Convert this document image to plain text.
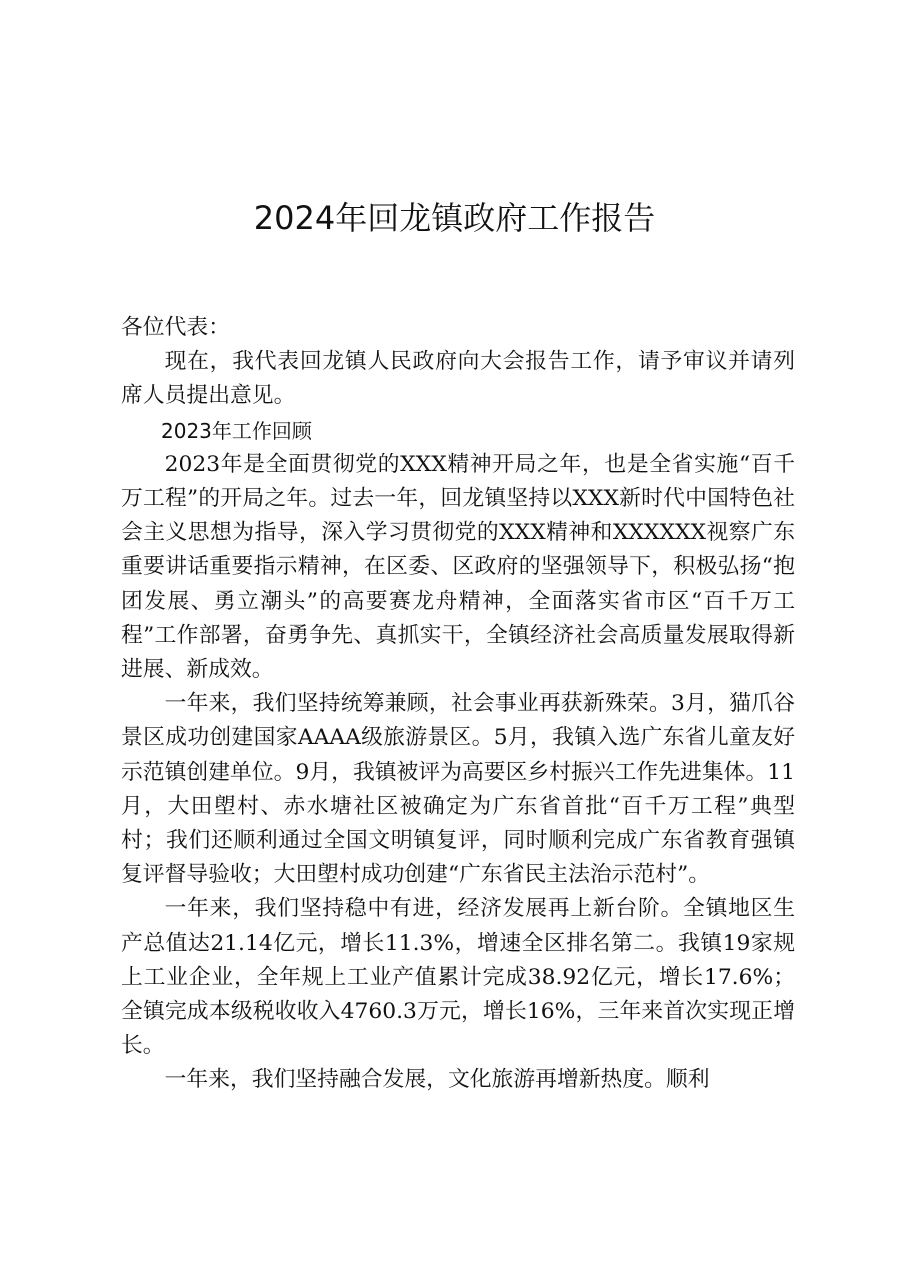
2024年回龙镇政府工作报告

各位代表：

现在，我代表回龙镇人民政府向大会报告工作，请予审议并请列席人员提出意见。

2023年工作回顾

2023年是全面贯彻党的XXX精神开局之年，也是全省实施“百千万工程”的开局之年。过去一年，回龙镇坚持以XXX新时代中国特色社会主义思想为指导，深入学习贯彻党的XXX精神和XXXXXX视察广东重要讲话重要指示精神，在区委、区政府的坚强领导下，积极弘扬“抱团发展、勇立潮头”的高要赛龙舟精神，全面落实省市区“百千万工程”工作部署，奋勇争先、真抓实干，全镇经济社会高质量发展取得新进展、新成效。

一年来，我们坚持统筹兼顾，社会事业再获新殊荣。3月，猫爪谷景区成功创建国家AAAA级旅游景区。5月，我镇入选广东省儿童友好示范镇创建单位。9月，我镇被评为高要区乡村振兴工作先进集体。11月，大田塱村、赤水塘社区被确定为广东省首批“百千万工程”典型村；我们还顺利通过全国文明镇复评，同时顺利完成广东省教育强镇复评督导验收；大田塱村成功创建“广东省民主法治示范村”。

一年来，我们坚持稳中有进，经济发展再上新台阶。全镇地区生产总值达21.14亿元，增长11.3%，增速全区排名第二。我镇19家规上工业企业，全年规上工业产值累计完成38.92亿元，增长17.6%；全镇完成本级税收收入4760.3万元，增长16%，三年来首次实现正增长。

一年来，我们坚持融合发展，文化旅游再增新热度。顺利
